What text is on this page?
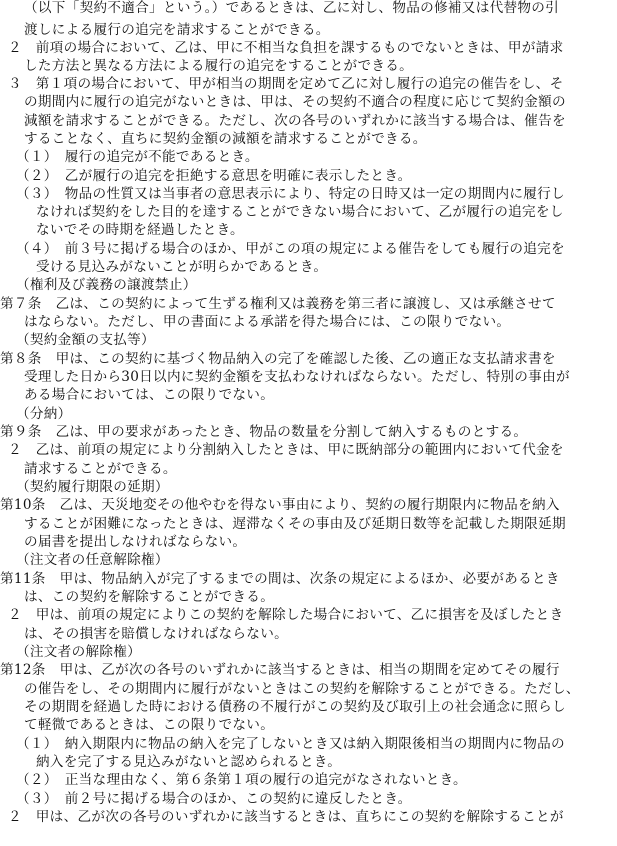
（以下「契約不適合」という。）であるときは、乙に対し、物品の修補又は代替物の引
渡しによる履行の追完を請求することができる。
２　前項の場合において、乙は、甲に不相当な負担を課するものでないときは、甲が請求
した方法と異なる方法による履行の追完をすることができる。
３　第１項の場合において、甲が相当の期間を定めて乙に対し履行の追完の催告をし、そ
の期間内に履行の追完がないときは、甲は、その契約不適合の程度に応じて契約金額の
減額を請求することができる。ただし、次の各号のいずれかに該当する場合は、催告を
することなく、直ちに契約金額の減額を請求することができる。
（１）　履行の追完が不能であるとき。
（２）　乙が履行の追完を拒絶する意思を明確に表示したとき。
（３）　物品の性質又は当事者の意思表示により、特定の日時又は一定の期間内に履行し
なければ契約をした目的を達することができない場合において、乙が履行の追完をし
ないでその時期を経過したとき。
（４）　前３号に掲げる場合のほか、甲がこの項の規定による催告をしても履行の追完を
受ける見込みがないことが明らかであるとき。
（権利及び義務の譲渡禁止）
第７条　乙は、この契約によって生ずる権利又は義務を第三者に譲渡し、又は承継させて
はならない。ただし、甲の書面による承諾を得た場合には、この限りでない。
（契約金額の支払等）
第８条　甲は、この契約に基づく物品納入の完了を確認した後、乙の適正な支払請求書を
受理した日から30日以内に契約金額を支払わなければならない。ただし、特別の事由が
ある場合においては、この限りでない。
（分納）
第９条　乙は、甲の要求があったとき、物品の数量を分割して納入するものとする。
２　乙は、前項の規定により分割納入したときは、甲に既納部分の範囲内において代金を
請求することができる。
（契約履行期限の延期）
第10条　乙は、天災地変その他やむを得ない事由により、契約の履行期限内に物品を納入
することが困難になったときは、遅滞なくその事由及び延期日数等を記載した期限延期
の届書を提出しなければならない。
（注文者の任意解除権）
第11条　甲は、物品納入が完了するまでの間は、次条の規定によるほか、必要があるとき
は、この契約を解除することができる。
２　甲は、前項の規定によりこの契約を解除した場合において、乙に損害を及ぼしたとき
は、その損害を賠償しなければならない。
（注文者の解除権）
第12条　甲は、乙が次の各号のいずれかに該当するときは、相当の期間を定めてその履行
の催告をし、その期間内に履行がないときはこの契約を解除することができる。ただし、
その期間を経過した時における債務の不履行がこの契約及び取引上の社会通念に照らし
て軽微であるときは、この限りでない。
（１）　納入期限内に物品の納入を完了しないとき又は納入期限後相当の期間内に物品の
納入を完了する見込みがないと認められるとき。
（２）　正当な理由なく、第６条第１項の履行の追完がなされないとき。
（３）　前２号に掲げる場合のほか、この契約に違反したとき。
２　甲は、乙が次の各号のいずれかに該当するときは、直ちにこの契約を解除することが
